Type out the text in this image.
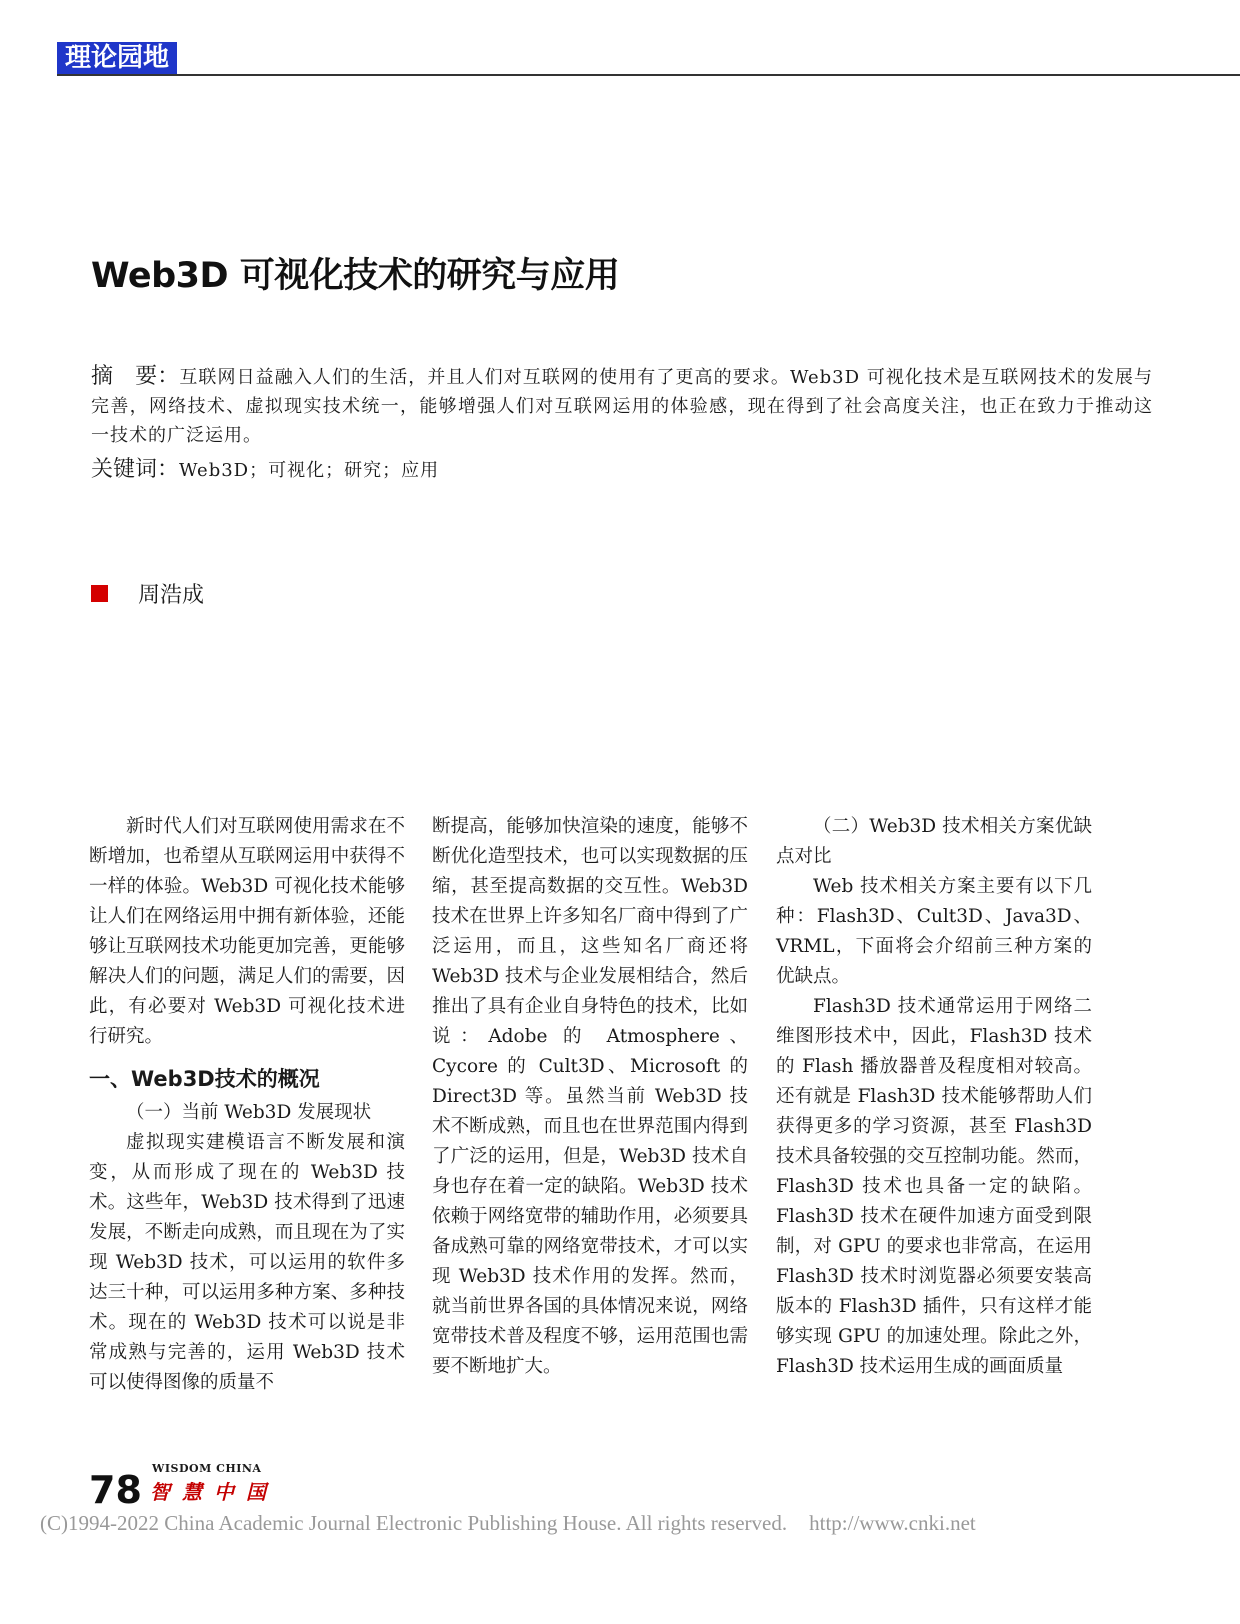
理论园地
Web3D 可视化技术的研究与应用
摘　要：互联网日益融入人们的生活，并且人们对互联网的使用有了更高的要求。Web3D 可视化技术是互联网技术的发展与完善，网络技术、虚拟现实技术统一，能够增强人们对互联网运用的体验感，现在得到了社会高度关注，也正在致力于推动这一技术的广泛运用。
关键词：Web3D；可视化；研究；应用
周浩成

新时代人们对互联网使用需求在不断增加，也希望从互联网运用中获得不一样的体验。Web3D 可视化技术能够让人们在网络运用中拥有新体验，还能够让互联网技术功能更加完善，更能够解决人们的问题，满足人们的需要，因此，有必要对 Web3D 可视化技术进行研究。

一、Web3D技术的概况
（一）当前 Web3D 发展现状

虚拟现实建模语言不断发展和演变，从而形成了现在的 Web3D 技术。这些年，Web3D 技术得到了迅速发展，不断走向成熟，而且现在为了实现 Web3D 技术，可以运用的软件多达三十种，可以运用多种方案、多种技术。现在的 Web3D 技术可以说是非常成熟与完善的，运用 Web3D 技术可以使得图像的质量不

断提高，能够加快渲染的速度，能够不断优化造型技术，也可以实现数据的压缩，甚至提高数据的交互性。Web3D 技术在世界上许多知名厂商中得到了广泛运用，而且，这些知名厂商还将 Web3D 技术与企业发展相结合，然后推出了具有企业自身特色的技术，比如说：Adobe 的 Atmosphere、Cycore 的 Cult3D、Microsoft 的 Direct3D 等。虽然当前 Web3D 技术不断成熟，而且也在世界范围内得到了广泛的运用，但是，Web3D 技术自身也存在着一定的缺陷。Web3D 技术依赖于网络宽带的辅助作用，必须要具备成熟可靠的网络宽带技术，才可以实现 Web3D 技术作用的发挥。然而，就当前世界各国的具体情况来说，网络宽带技术普及程度不够，运用范围也需要不断地扩大。

（二）Web3D 技术相关方案优缺点对比

Web 技术相关方案主要有以下几种：Flash3D、Cult3D、Java3D、VRML，下面将会介绍前三种方案的优缺点。

Flash3D 技术通常运用于网络二维图形技术中，因此，Flash3D 技术的 Flash 播放器普及程度相对较高。还有就是 Flash3D 技术能够帮助人们获得更多的学习资源，甚至 Flash3D 技术具备较强的交互控制功能。然而，Flash3D 技术也具备一定的缺陷。Flash3D 技术在硬件加速方面受到限制，对 GPU 的要求也非常高，在运用 Flash3D 技术时浏览器必须要安装高版本的 Flash3D 插件，只有这样才能够实现 GPU 的加速处理。除此之外，Flash3D 技术运用生成的画面质量

78 WISDOM CHINA
智慧中国
(C)1994-2022 China Academic Journal Electronic Publishing House. All rights reserved. http://www.cnki.net
